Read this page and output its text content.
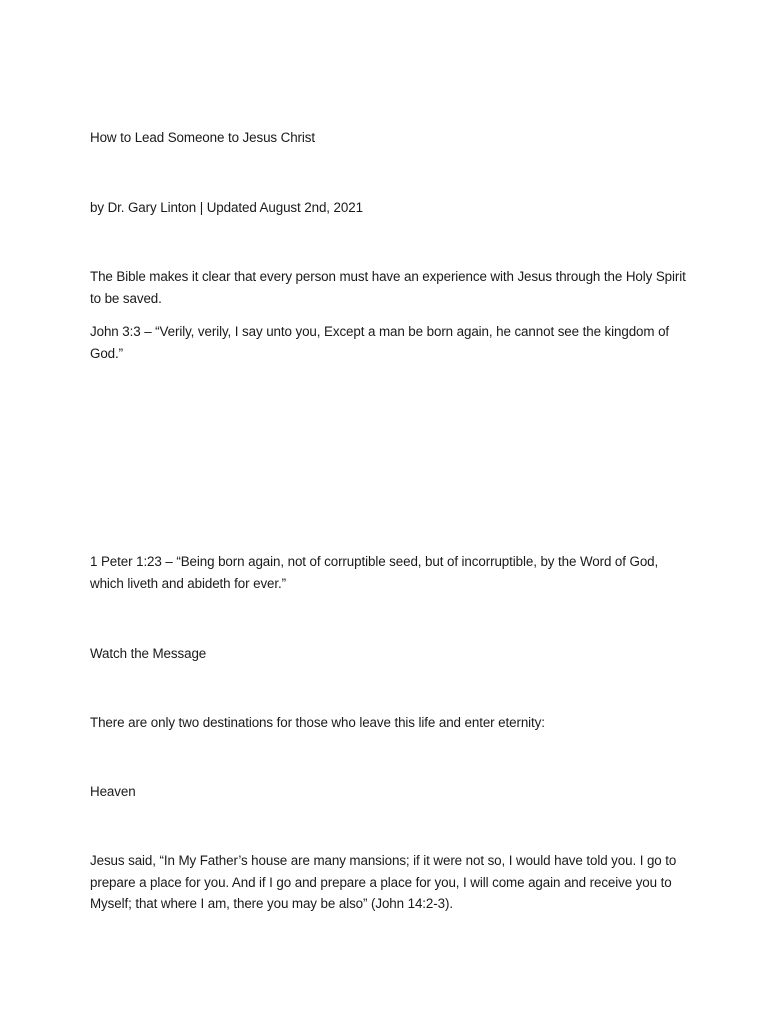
How to Lead Someone to Jesus Christ

by Dr. Gary Linton | Updated August 2nd, 2021

The Bible makes it clear that every person must have an experience with Jesus through the Holy Spirit to be saved.

John 3:3 – “Verily, verily, I say unto you, Except a man be born again, he cannot see the kingdom of God.”

1 Peter 1:23 – “Being born again, not of corruptible seed, but of incorruptible, by the Word of God, which liveth and abideth for ever.”

Watch the Message

There are only two destinations for those who leave this life and enter eternity:

Heaven

Jesus said, “In My Father’s house are many mansions; if it were not so, I would have told you. I go to prepare a place for you. And if I go and prepare a place for you, I will come again and receive you to Myself; that where I am, there you may be also” (John 14:2-3).
